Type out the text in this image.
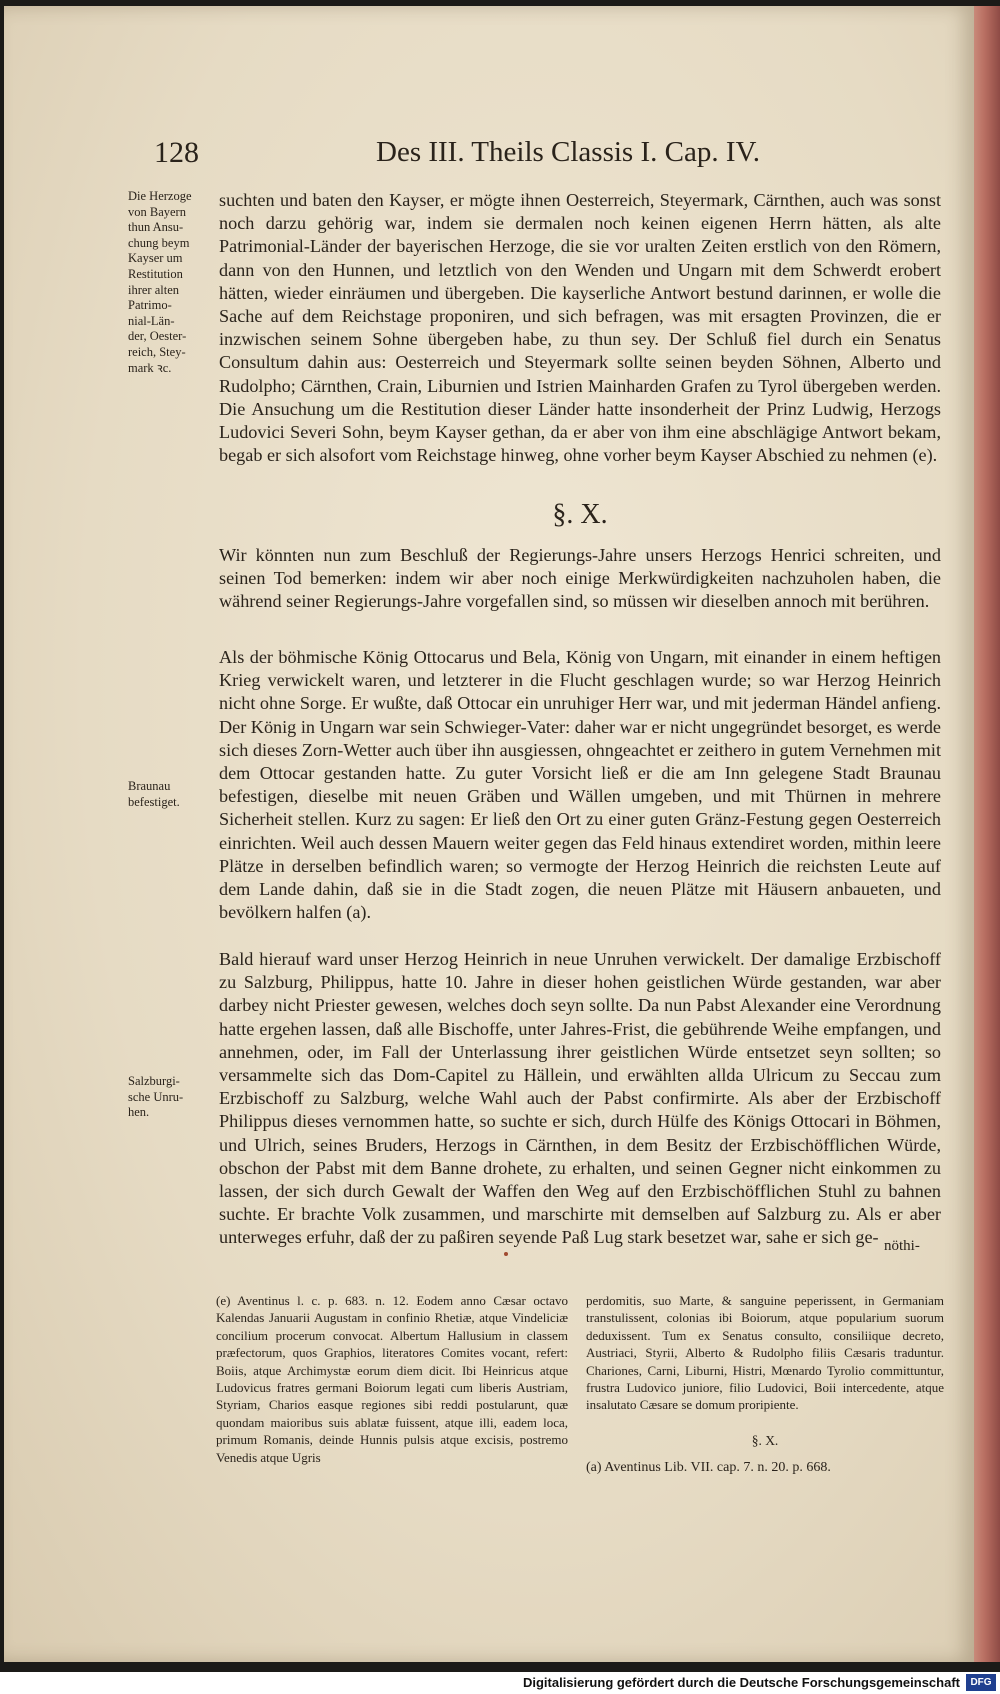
128	Des III. Theils Classis I. Cap. IV.
Die Herzoge
von Bayern
thun Ansu-
chung beym
Kayser um
Restitution
ihrer alten
Patrimo-
nial-Län-
der, Oester-
reich, Stey-
mark ꝛc.
Braunau
befestiget.
Salzburgi-
sche Unru-
hen.
suchten und baten den Kayser, er mögte ihnen Oesterreich, Steyermark, Cärnthen, auch was sonst noch darzu gehörig war, indem sie dermalen noch keinen eigenen Herrn hätten, als alte Patrimonial-Länder der bayerischen Herzoge, die sie vor uralten Zeiten erstlich von den Römern, dann von den Hunnen, und letztlich von den Wenden und Ungarn mit dem Schwerdt erobert hätten, wieder einräumen und übergeben. Die kayserliche Antwort bestund darinnen, er wolle die Sache auf dem Reichstage proponiren, und sich befragen, was mit ersagten Provinzen, die er inzwischen seinem Sohne übergeben habe, zu thun sey. Der Schluß fiel durch ein Senatus Consultum dahin aus: Oesterreich und Steyermark sollte seinen beyden Söhnen, Alberto und Rudolpho; Cärnthen, Crain, Liburnien und Istrien Mainharden Grafen zu Tyrol übergeben werden. Die Ansuchung um die Restitution dieser Länder hatte insonderheit der Prinz Ludwig, Herzogs Ludovici Severi Sohn, beym Kayser gethan, da er aber von ihm eine abschlägige Antwort bekam, begab er sich alsofort vom Reichstage hinweg, ohne vorher beym Kayser Abschied zu nehmen (e).
§. X.
Wir könnten nun zum Beschluß der Regierungs-Jahre unsers Herzogs Henrici schreiten, und seinen Tod bemerken: indem wir aber noch einige Merkwürdigkeiten nachzuholen haben, die während seiner Regierungs-Jahre vorgefallen sind, so müssen wir dieselben annoch mit berühren.
Als der böhmische König Ottocarus und Bela, König von Ungarn, mit einander in einem heftigen Krieg verwickelt waren, und letzterer in die Flucht geschlagen wurde; so war Herzog Heinrich nicht ohne Sorge. Er wußte, daß Ottocar ein unruhiger Herr war, und mit jederman Händel anfieng. Der König in Ungarn war sein Schwieger-Vater: daher war er nicht ungegründet besorget, es werde sich dieses Zorn-Wetter auch über ihn ausgiessen, ohngeachtet er zeithero in gutem Vernehmen mit dem Ottocar gestanden hatte. Zu guter Vorsicht ließ er die am Inn gelegene Stadt Braunau befestigen, dieselbe mit neuen Gräben und Wällen umgeben, und mit Thürnen in mehrere Sicherheit stellen. Kurz zu sagen: Er ließ den Ort zu einer guten Gränz-Festung gegen Oesterreich einrichten. Weil auch dessen Mauern weiter gegen das Feld hinaus extendiret worden, mithin leere Plätze in derselben befindlich waren; so vermogte der Herzog Heinrich die reichsten Leute auf dem Lande dahin, daß sie in die Stadt zogen, die neuen Plätze mit Häusern anbaueten, und bevölkern halfen (a).
Bald hierauf ward unser Herzog Heinrich in neue Unruhen verwickelt. Der damalige Erzbischoff zu Salzburg, Philippus, hatte 10. Jahre in dieser hohen geistlichen Würde gestanden, war aber darbey nicht Priester gewesen, welches doch seyn sollte. Da nun Pabst Alexander eine Verordnung hatte ergehen lassen, daß alle Bischoffe, unter Jahres-Frist, die gebührende Weihe empfangen, und annehmen, oder, im Fall der Unterlassung ihrer geistlichen Würde entsetzet seyn sollten; so versammelte sich das Dom-Capitel zu Hällein, und erwählten allda Ulricum zu Seccau zum Erzbischoff zu Salzburg, welche Wahl auch der Pabst confirmirte. Als aber der Erzbischoff Philippus dieses vernommen hatte, so suchte er sich, durch Hülfe des Königs Ottocari in Böhmen, und Ulrich, seines Bruders, Herzogs in Cärnthen, in dem Besitz der Erzbischöfflichen Würde, obschon der Pabst mit dem Banne drohete, zu erhalten, und seinen Gegner nicht einkommen zu lassen, der sich durch Gewalt der Waffen den Weg auf den Erzbischöfflichen Stuhl zu bahnen suchte. Er brachte Volk zusammen, und marschirte mit demselben auf Salzburg zu. Als er aber unterweges erfuhr, daß der zu paßiren seyende Paß Lug stark besetzet war, sahe er sich ge- nöthi-
(e) Aventinus l. c. p. 683. n. 12. Eodem anno Cæsar octavo Kalendas Januarii Augustam in confinio Rhetiæ, atque Vindeliciæ concilium procerum convocat. Albertum Hallusium in classem præfectorum, quos Graphios, literatores Comites vocant, refert: Boiis, atque Archimystæ eorum diem dicit. Ibi Heinricus atque Ludovicus fratres germani Boiorum legati cum liberis Austriam, Styriam, Charios easque regiones sibi reddi postularunt, quæ quondam maioribus suis ablatæ fuissent, atque illi, eadem loca, primum Romanis, deinde Hunnis pulsis atque excisis, postremo Venedis atque Ugris
perdomitis, suo Marte, & sanguine peperissent, in Germaniam transtulissent, colonias ibi Boiorum, atque popularium suorum deduxissent. Tum ex Senatus consulto, consiliique decreto, Austriaci, Styrii, Alberto & Rudolpho filiis Cæsaris traduntur. Chariones, Carni, Liburni, Histri, Mœnardo Tyrolio committuntur, frustra Ludovico juniore, filio Ludovici, Boii intercedente, atque insalutato Cæsare se domum proripiente.
§. X.
(a) Aventinus Lib. VII. cap. 7. n. 20. p. 668.
Digitalisierung gefördert durch die Deutsche Forschungsgemeinschaft	DFG
